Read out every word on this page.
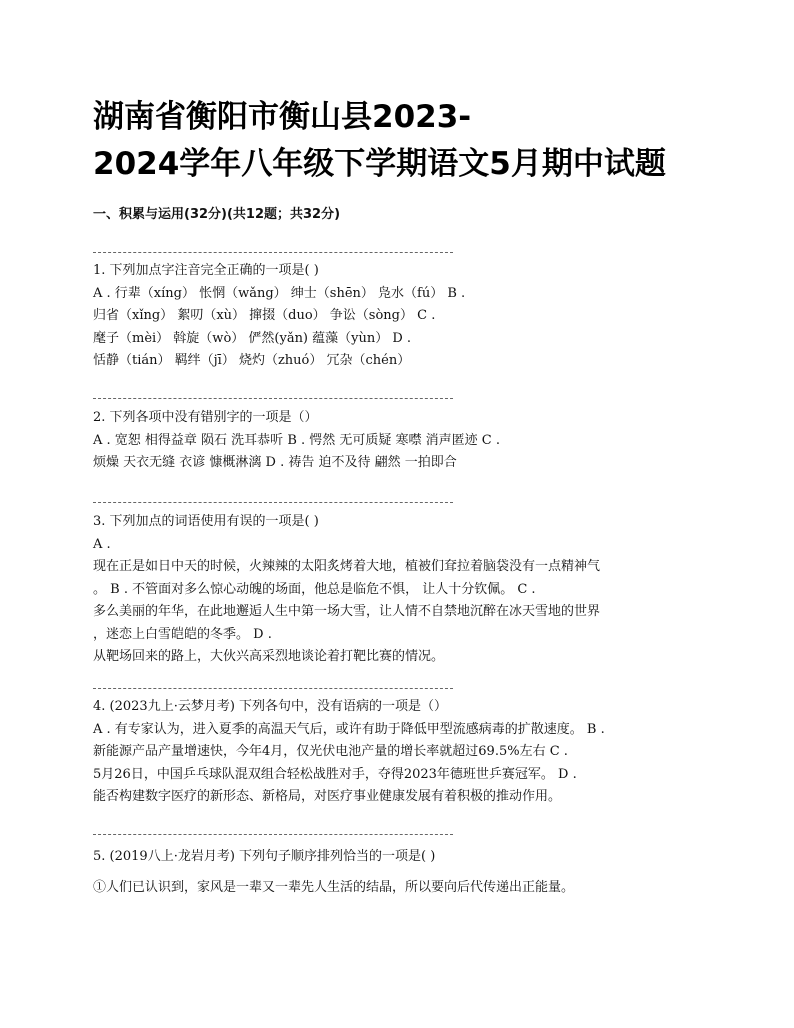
湖南省衡阳市衡山县2023-
2024学年八年级下学期语文5月期中试题
一、积累与运用(32分)(共12题；共32分)
1. 下列加点字注音完全正确的一项是( )
A . 行辈（xíng） 怅惘（wǎng） 绅士（shēn） 凫水（fú） B .
归省（xǐng） 絮叨（xù） 撺掇（duo） 争讼（sòng） C .
麾子（mèi） 斡旋（wò） 俨然(yǎn) 蕴藻（yùn） D .
恬静（tián） 羁绊（jī） 烧灼（zhuó） 冗杂（chén）
2. 下列各项中没有错别字的一项是（）
A . 宽恕 相得益章 陨石 洗耳恭听 B . 愕然 无可质疑 寒噤 消声匿迹 C .
烦燥 天衣无缝 衣谚 慷概淋漓 D . 祷告 迫不及待 翩然 一拍即合
3. 下列加点的词语使用有误的一项是( )
A .
现在正是如日中天的时候，火辣辣的太阳炙烤着大地，植被们耷拉着脑袋没有一点精神气
。 B . 不管面对多么惊心动魄的场面，他总是临危不惧， 让人十分钦佩。 C .
多么美丽的年华，在此地邂逅人生中第一场大雪，让人情不自禁地沉醉在冰天雪地的世界
，迷恋上白雪皑皑的冬季。 D .
从靶场回来的路上，大伙兴高采烈地谈论着打靶比赛的情况。
4. (2023九上·云梦月考) 下列各句中，没有语病的一项是（）
A . 有专家认为，进入夏季的高温天气后，或许有助于降低甲型流感病毒的扩散速度。 B .
新能源产品产量增速快，今年4月，仅光伏电池产量的增长率就超过69.5%左右 C .
5月26日，中国乒乓球队混双组合轻松战胜对手，夺得2023年德班世乒赛冠军。 D .
能否构建数字医疗的新形态、新格局，对医疗事业健康发展有着积极的推动作用。
5. (2019八上·龙岩月考) 下列句子顺序排列恰当的一项是( )
①人们已认识到，家风是一辈又一辈先人生活的结晶，所以要向后代传递出正能量。
